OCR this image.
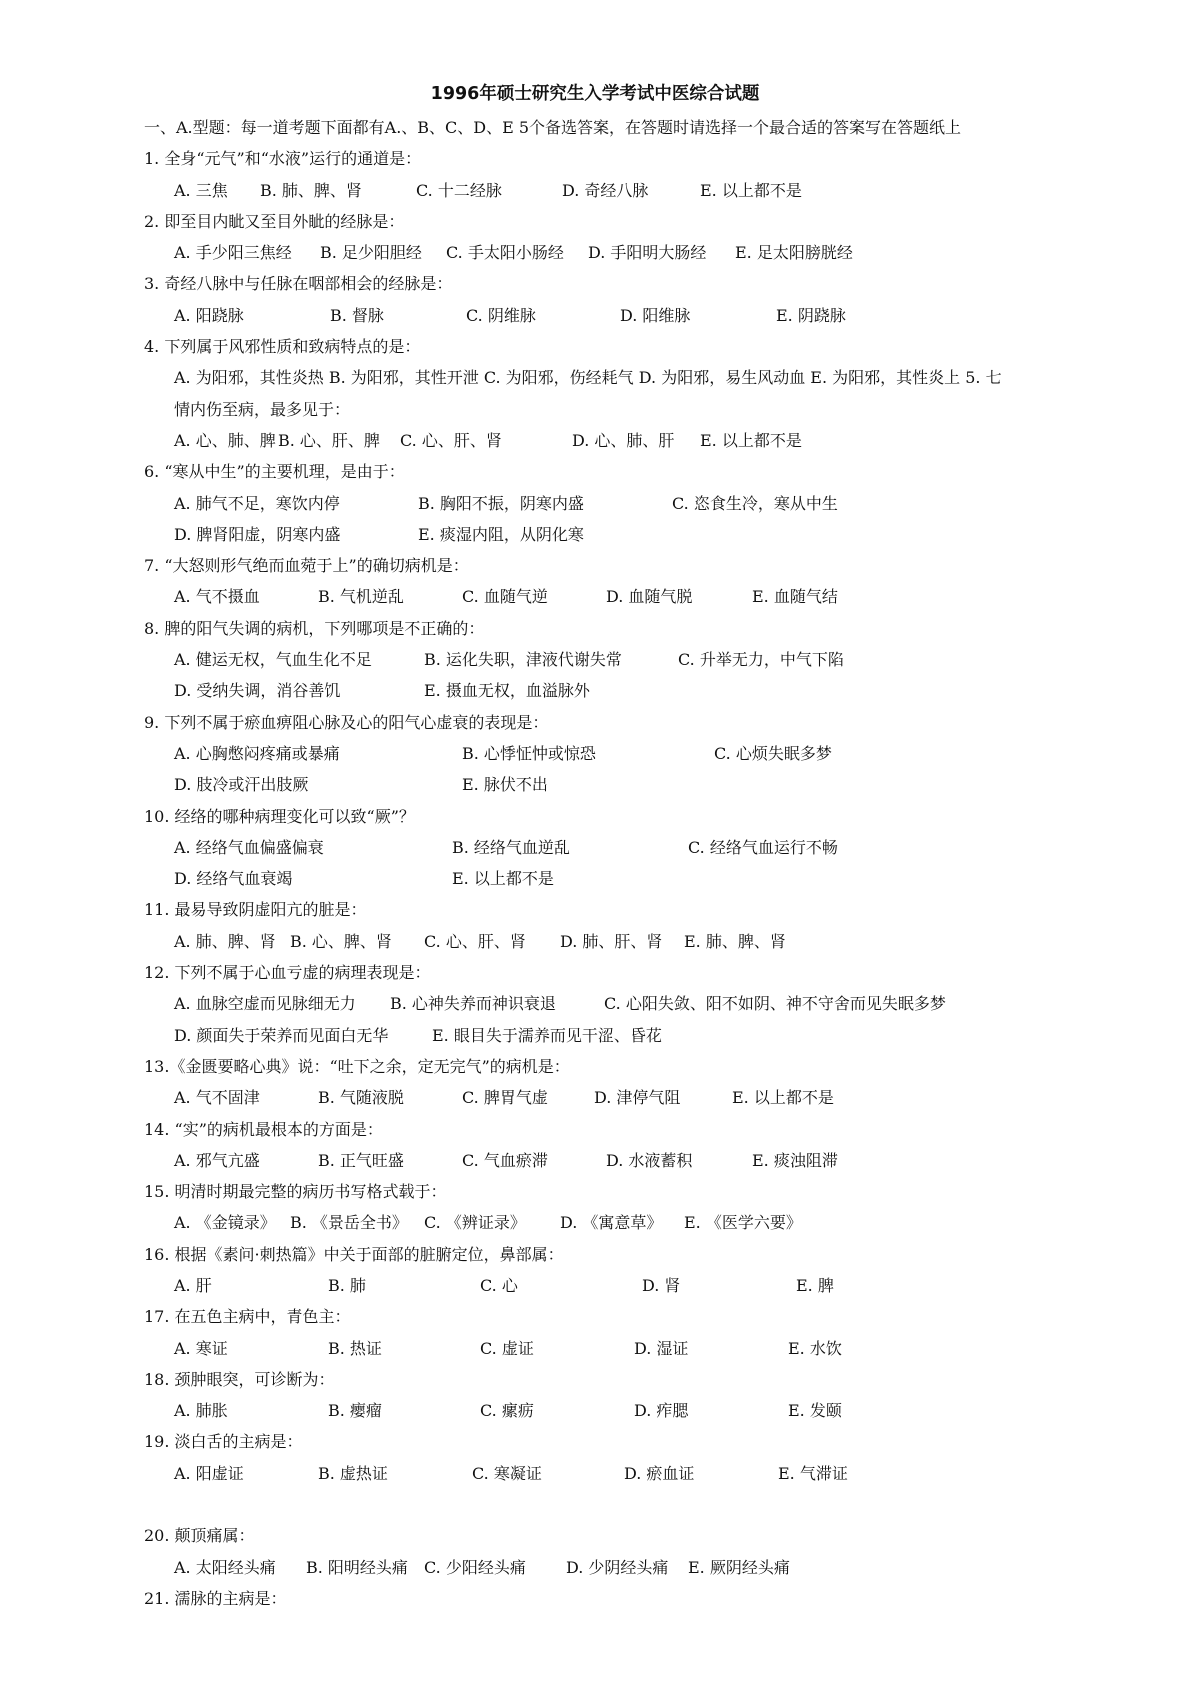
1996年硕士研究生入学考试中医综合试题
一、A.型题：每一道考题下面都有A.、B、C、D、E 5个备选答案，在答题时请选择一个最合适的答案写在答题纸上
1. 全身“元气”和“水液”运行的通道是：
A. 三焦 B. 肺、脾、肾	C. 十二经脉	D. 奇经八脉	E. 以上都不是
2. 即至目内眦又至目外眦的经脉是：
A. 手少阳三焦经 B. 足少阳胆经 C. 手太阳小肠经 D. 手阳明大肠经 E. 足太阳膀胱经
3. 奇经八脉中与任脉在咽部相会的经脉是：
A. 阳跷脉	B. 督脉	C. 阴维脉	D. 阳维脉	E. 阴跷脉
4. 下列属于风邪性质和致病特点的是：
A. 为阳邪，其性炎热 B. 为阳邪，其性开泄 C. 为阳邪，伤经耗气 D. 为阳邪，易生风动血 E. 为阳邪，其性炎上 5. 七
情内伤至病，最多见于：
A. 心、肺、脾 B. 心、肝、脾 C. 心、肝、肾	D. 心、肺、肝 E. 以上都不是
6. “寒从中生”的主要机理，是由于：
A. 肺气不足，寒饮内停	B. 胸阳不振，阴寒内盛	C. 恣食生冷，寒从中生
D. 脾肾阳虚，阴寒内盛	E. 痰湿内阻，从阴化寒
7. “大怒则形气绝而血菀于上”的确切病机是：
A. 气不摄血	B. 气机逆乱	C. 血随气逆	D. 血随气脱	E. 血随气结
8. 脾的阳气失调的病机，下列哪项是不正确的：
A. 健运无权，气血生化不足	B. 运化失职，津液代谢失常	C. 升举无力，中气下陷
D. 受纳失调，消谷善饥	E. 摄血无权，血溢脉外
9. 下列不属于瘀血痹阻心脉及心的阳气心虚衰的表现是：
A. 心胸憋闷疼痛或暴痛	B. 心悸怔忡或惊恐	C. 心烦失眠多梦
D. 肢冷或汗出肢厥	E. 脉伏不出
10. 经络的哪种病理变化可以致“厥”？
A. 经络气血偏盛偏衰	B. 经络气血逆乱	C. 经络气血运行不畅
D. 经络气血衰竭	E. 以上都不是
11. 最易导致阴虚阳亢的脏是：
A. 肺、脾、肾 B. 心、脾、肾 C. 心、肝、肾 D. 肺、肝、肾 E. 肺、脾、肾
12. 下列不属于心血亏虚的病理表现是：
A. 血脉空虚而见脉细无力 B. 心神失养而神识衰退	C. 心阳失敛、阳不如阴、神不守舍而见失眠多梦
D. 颜面失于荣养而见面白无华	E. 眼目失于濡养而见干涩、昏花
13.《金匮要略心典》说：“吐下之余，定无完气”的病机是：
A. 气不固津	B. 气随液脱	C. 脾胃气虚	D. 津停气阻	E. 以上都不是
14. “实”的病机最根本的方面是：
A. 邪气亢盛	B. 正气旺盛	C. 气血瘀滞	D. 水液蓄积	E. 痰浊阻滞
15. 明清时期最完整的病历书写格式载于：
A. 《金镜录》 B. 《景岳全书》 C. 《辨证录》 D. 《寓意草》 E. 《医学六要》
16. 根据《素问·刺热篇》中关于面部的脏腑定位，鼻部属：
A. 肝	B. 肺	C. 心	D. 肾	E. 脾
17. 在五色主病中，青色主：
A. 寒证	B. 热证	C. 虚证	D. 湿证	E. 水饮
18. 颈肿眼突，可诊断为：
A. 肺胀	B. 瘿瘤	C. 瘰疬	D. 痄腮	E. 发颐
19. 淡白舌的主病是：
A. 阳虚证	B. 虚热证	C. 寒凝证	D. 瘀血证	E. 气滞证
20. 颠顶痛属：
A. 太阳经头痛 B. 阳明经头痛 C. 少阳经头痛	D. 少阴经头痛 E. 厥阴经头痛
21. 濡脉的主病是：
